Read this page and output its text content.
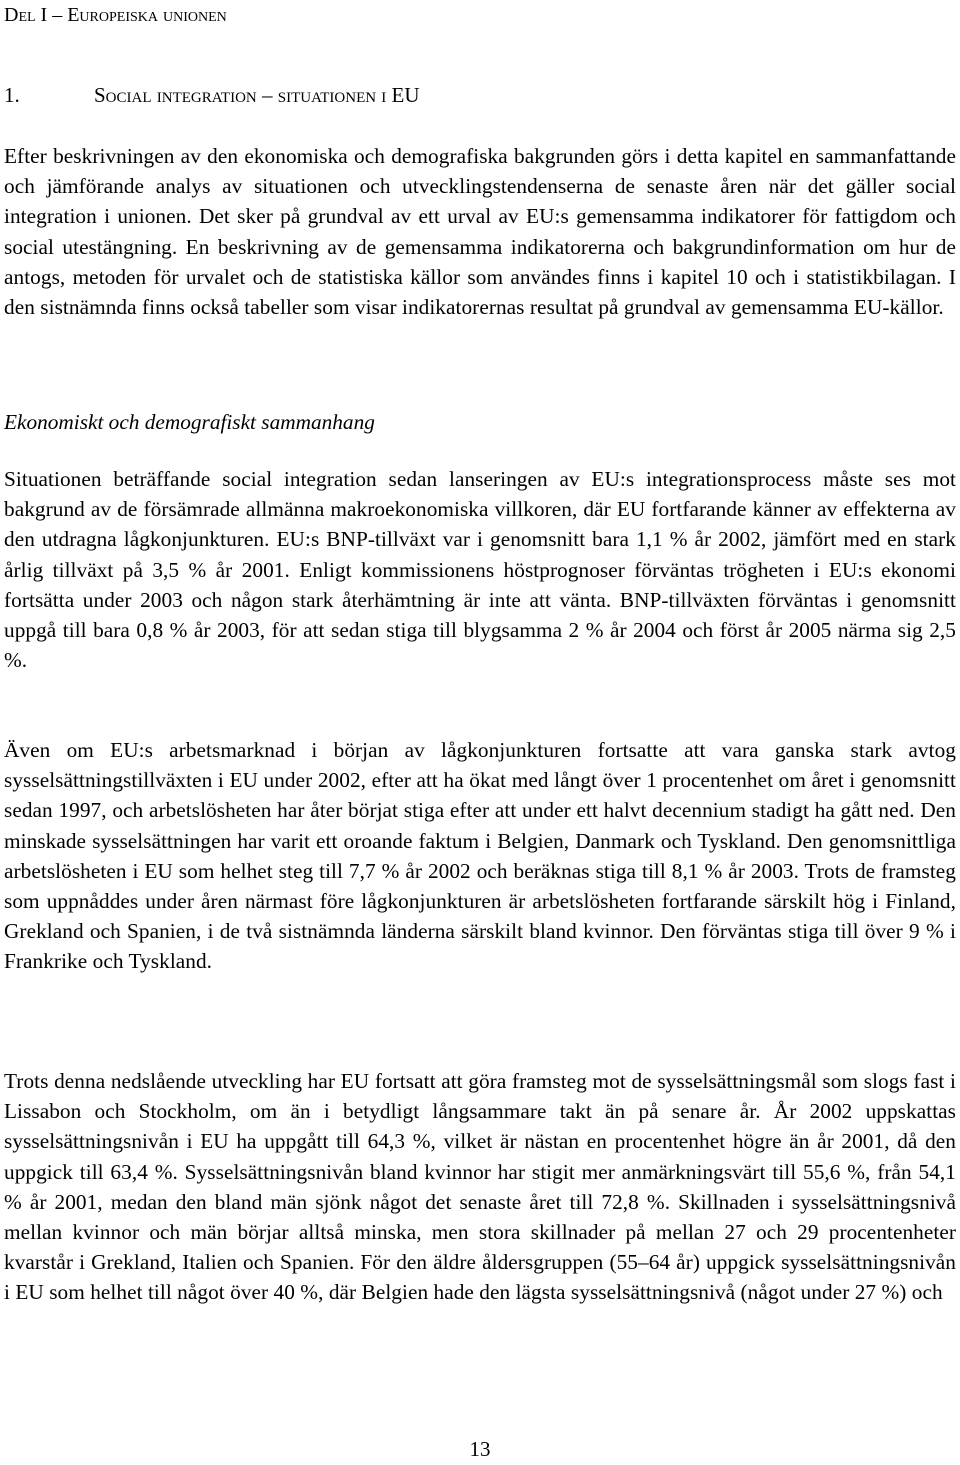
Del I – Europeiska unionen
1.	Social integration – situationen i EU

Efter beskrivningen av den ekonomiska och demografiska bakgrunden görs i detta kapitel en sammanfattande och jämförande analys av situationen och utvecklingstendenserna de senaste åren när det gäller social integration i unionen. Det sker på grundval av ett urval av EU:s gemensamma indikatorer för fattigdom och social utestängning. En beskrivning av de gemensamma indikatorerna och bakgrundinformation om hur de antogs, metoden för urvalet och de statistiska källor som användes finns i kapitel 10 och i statistikbilagan. I den sistnämnda finns också tabeller som visar indikatorernas resultat på grundval av gemensamma EU-källor.

Ekonomiskt och demografiskt sammanhang

Situationen beträffande social integration sedan lanseringen av EU:s integrationsprocess måste ses mot bakgrund av de försämrade allmänna makroekonomiska villkoren, där EU fortfarande känner av effekterna av den utdragna lågkonjunkturen. EU:s BNP-tillväxt var i genomsnitt bara 1,1 % år 2002, jämfört med en stark årlig tillväxt på 3,5 % år 2001. Enligt kommissionens höstprognoser förväntas trögheten i EU:s ekonomi fortsätta under 2003 och någon stark återhämtning är inte att vänta. BNP-tillväxten förväntas i genomsnitt uppgå till bara 0,8 % år 2003, för att sedan stiga till blygsamma 2 % år 2004 och först år 2005 närma sig 2,5 %.

Även om EU:s arbetsmarknad i början av lågkonjunkturen fortsatte att vara ganska stark avtog sysselsättningstillväxten i EU under 2002, efter att ha ökat med långt över 1 procentenhet om året i genomsnitt sedan 1997, och arbetslösheten har åter börjat stiga efter att under ett halvt decennium stadigt ha gått ned. Den minskade sysselsättningen har varit ett oroande faktum i Belgien, Danmark och Tyskland. Den genomsnittliga arbetslösheten i EU som helhet steg till 7,7 % år 2002 och beräknas stiga till 8,1 % år 2003. Trots de framsteg som uppnåddes under åren närmast före lågkonjunkturen är arbetslösheten fortfarande särskilt hög i Finland, Grekland och Spanien, i de två sistnämnda länderna särskilt bland kvinnor. Den förväntas stiga till över 9 % i Frankrike och Tyskland.

Trots denna nedslående utveckling har EU fortsatt att göra framsteg mot de sysselsättningsmål som slogs fast i Lissabon och Stockholm, om än i betydligt långsammare takt än på senare år. År 2002 uppskattas sysselsättningsnivån i EU ha uppgått till 64,3 %, vilket är nästan en procentenhet högre än år 2001, då den uppgick till 63,4 %. Sysselsättningsnivån bland kvinnor har stigit mer anmärkningsvärt till 55,6 %, från 54,1 % år 2001, medan den bland män sjönk något det senaste året till 72,8 %. Skillnaden i sysselsättningsnivå mellan kvinnor och män börjar alltså minska, men stora skillnader på mellan 27 och 29 procentenheter kvarstår i Grekland, Italien och Spanien. För den äldre åldersgruppen (55–64 år) uppgick sysselsättningsnivån i EU som helhet till något över 40 %, där Belgien hade den lägsta sysselsättningsnivå (något under 27 %) och

13
